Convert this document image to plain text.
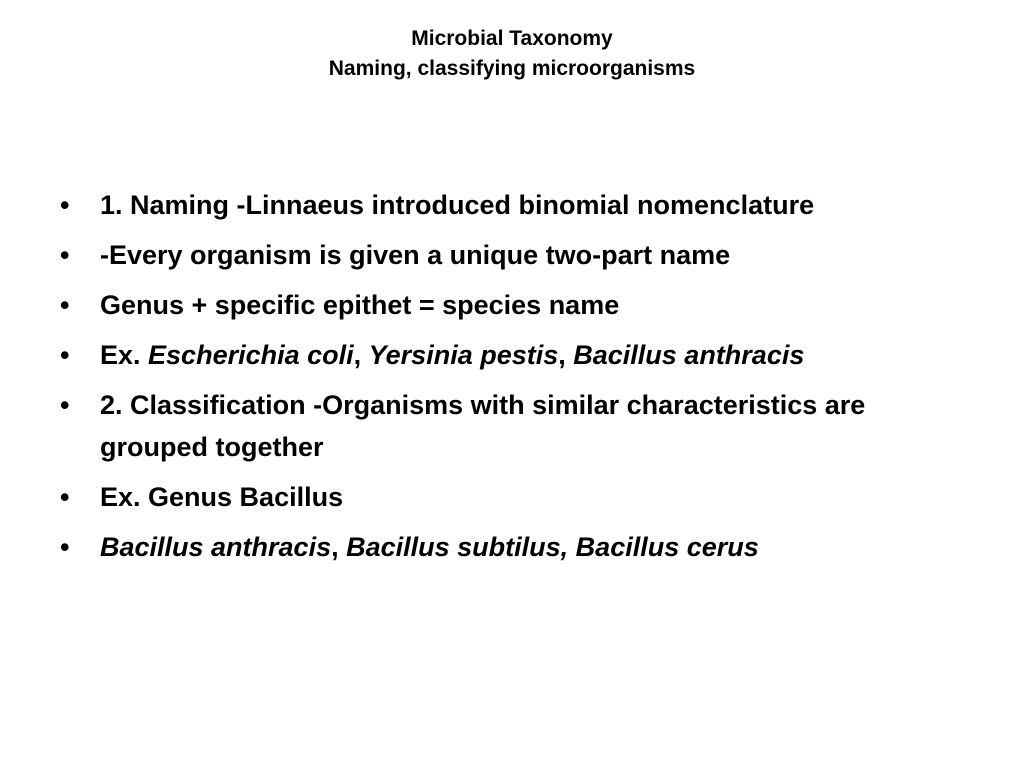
Microbial Taxonomy
Naming, classifying microorganisms
•	1. Naming -Linnaeus introduced binomial nomenclature
•	-Every organism is given a unique two-part name
•	Genus + specific epithet = species name
•	Ex. Escherichia coli, Yersinia pestis, Bacillus anthracis
•	2. Classification -Organisms with similar characteristics are grouped together
•	Ex. Genus Bacillus
•	Bacillus anthracis, Bacillus subtilus, Bacillus cerus
